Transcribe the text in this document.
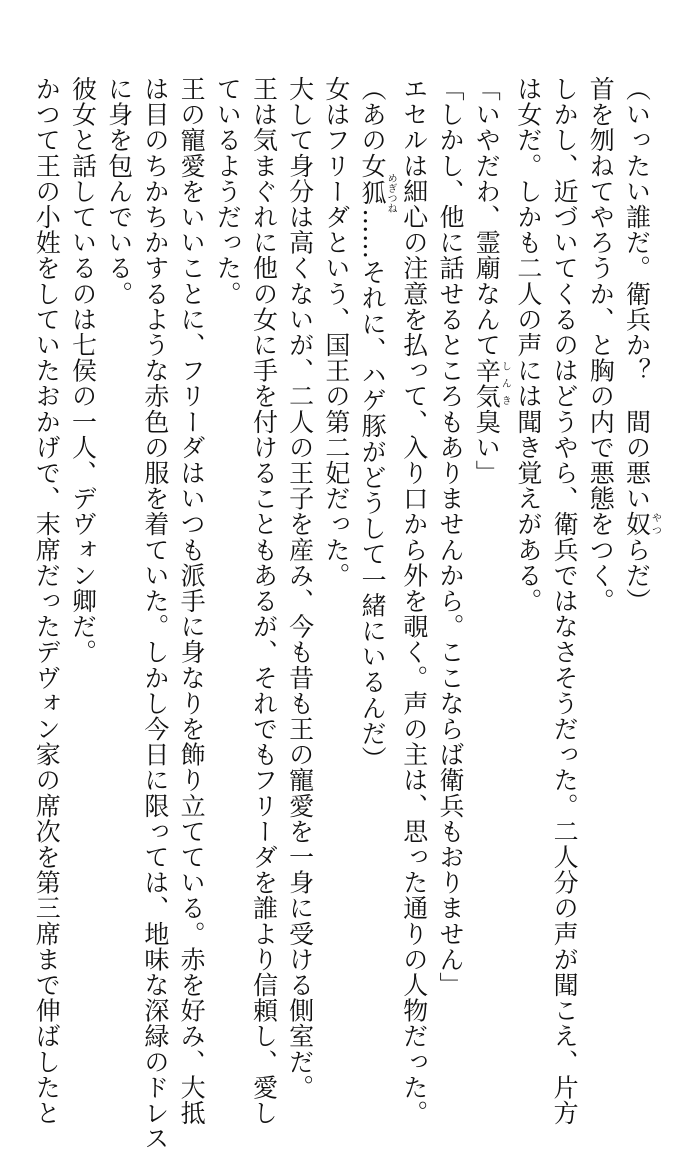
（いったい誰だ。衛兵か？　間の悪い奴やつらだ）
首を刎ねてやろうか、と胸の内で悪態をつく。
しかし、近づいてくるのはどうやら、衛兵ではなさそうだった。二人分の声が聞こえ、片方
は女だ。しかも二人の声には聞き覚えがある。
「いやだわ、霊廟なんて辛気しんき臭い」
「しかし、他に話せるところもありませんから。ここならば衛兵もおりません」
エセルは細心の注意を払って、入り口から外を覗く。声の主は、思った通りの人物だった。
（あの女狐めぎつね……それに、ハゲ豚がどうして一緒にいるんだ）
女はフリーダという、国王の第二妃だった。
大して身分は高くないが、二人の王子を産み、今も昔も王の寵愛を一身に受ける側室だ。
王は気まぐれに他の女に手を付けることもあるが、それでもフリーダを誰より信頼し、愛し
ているようだった。
王の寵愛をいいことに、フリーダはいつも派手に身なりを飾り立てている。赤を好み、大抵
は目のちかちかするような赤色の服を着ていた。しかし今日に限っては、地味な深緑のドレス
に身を包んでいる。
彼女と話しているのは七侯の一人、デヴォン卿だ。
かつて王の小姓をしていたおかげで、末席だったデヴォン家の席次を第三席まで伸ばしたと
